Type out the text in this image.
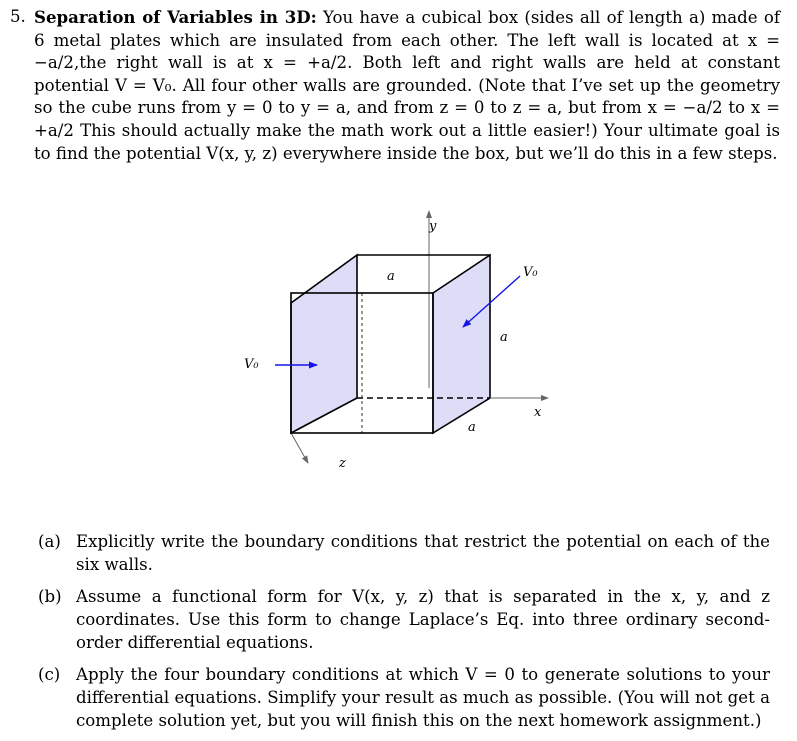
5. Separation of Variables in 3D: You have a cubical box (sides all of length a) made of 6 metal plates which are insulated from each other. The left wall is located at x = −a/2,the right wall is at x = +a/2. Both left and right walls are held at constant potential V = V₀. All four other walls are grounded. (Note that I’ve set up the geometry so the cube runs from y = 0 to y = a, and from z = 0 to z = a, but from x = −a/2 to x = +a/2 This should actually make the math work out a little easier!) Your ultimate goal is to find the potential V(x, y, z) everywhere inside the box, but we’ll do this in a few steps.
y
x
z
a
a
a
V₀
V₀
(a) Explicitly write the boundary conditions that restrict the potential on each of the six walls.
(b) Assume a functional form for V(x, y, z) that is separated in the x, y, and z coordinates. Use this form to change Laplace’s Eq. into three ordinary second-order differential equations.
(c) Apply the four boundary conditions at which V = 0 to generate solutions to your differential equations. Simplify your result as much as possible. (You will not get a complete solution yet, but you will finish this on the next homework assignment.)
